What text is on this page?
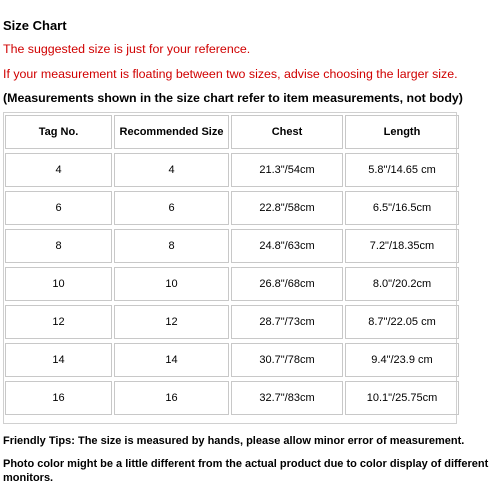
Size Chart
The suggested size is just for your reference.
If your measurement is floating between two sizes, advise choosing the larger size.
(Measurements shown in the size chart refer to item measurements, not body)
Tag No.	Recommended Size	Chest	Length
4	4	21.3"/54cm	5.8"/14.65 cm
6	6	22.8"/58cm	6.5"/16.5cm
8	8	24.8"/63cm	7.2"/18.35cm
10	10	26.8"/68cm	8.0"/20.2cm
12	12	28.7"/73cm	8.7"/22.05 cm
14	14	30.7"/78cm	9.4"/23.9 cm
16	16	32.7"/83cm	10.1"/25.75cm
Friendly Tips: The size is measured by hands, please allow minor error of measurement.
Photo color might be a little different from the actual product due to color display of different monitors.
